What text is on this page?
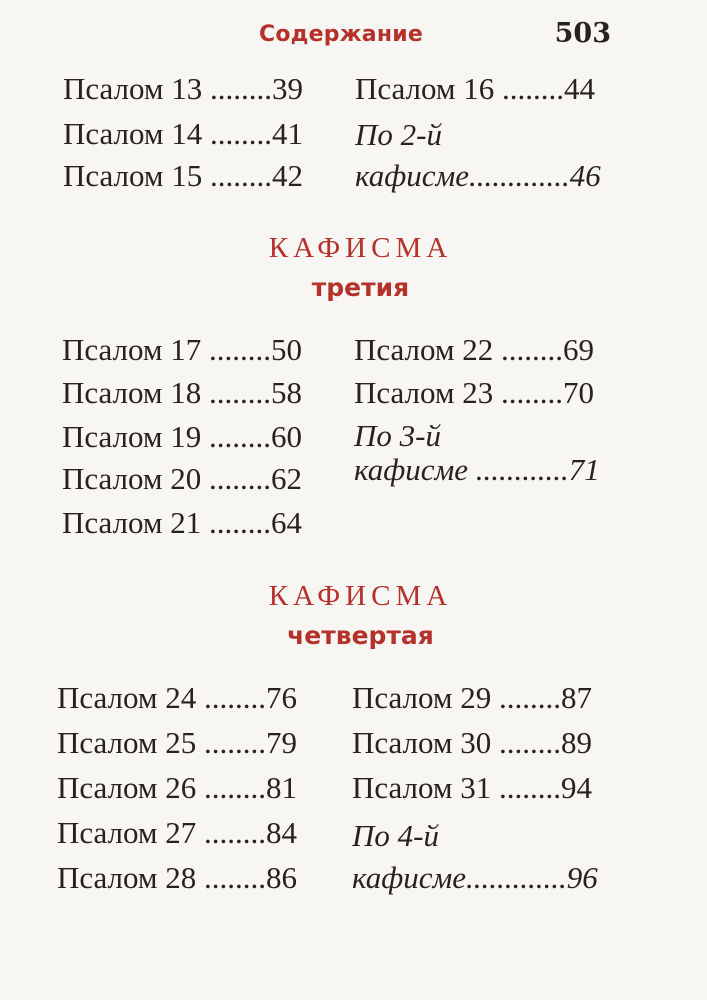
Содержание	503
Псалом 13 ........39
Псалом 14 ........41
Псалом 15 ........42
Псалом 16 ........44
По 2-й
кафисме.............46
КАФИСМА
третия
Псалом 17 ........50
Псалом 18 ........58
Псалом 19 ........60
Псалом 20 ........62
Псалом 21 ........64
Псалом 22 ........69
Псалом 23 ........70
По 3-й
кафисме ............71
КАФИСМА
четвертая
Псалом 24 ........76
Псалом 25 ........79
Псалом 26 ........81
Псалом 27 ........84
Псалом 28 ........86
Псалом 29 ........87
Псалом 30 ........89
Псалом 31 ........94
По 4-й
кафисме.............96
